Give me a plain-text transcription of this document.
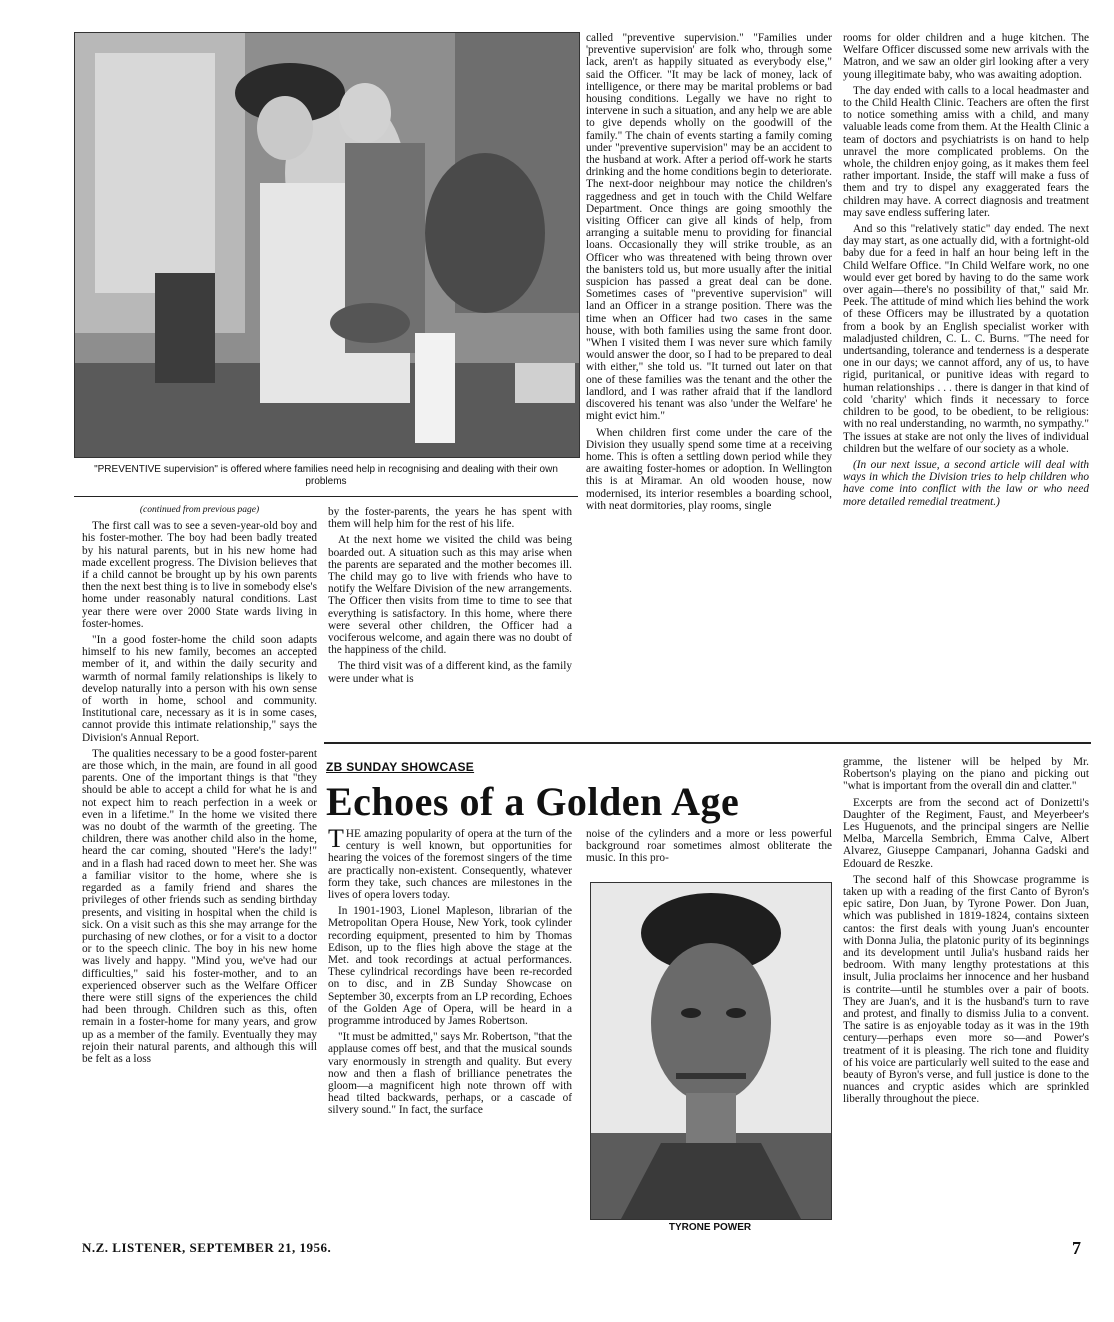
"PREVENTIVE supervision" is offered where families need help in recognising and dealing with their own problems

(continued from previous page)

The first call was to see a seven-year-old boy and his foster-mother. The boy had been badly treated by his natural parents, but in his new home had made excellent progress. The Division believes that if a child cannot be brought up by his own parents then the next best thing is to live in somebody else's home under reasonably natural conditions. Last year there were over 2000 State wards living in foster-homes.

"In a good foster-home the child soon adapts himself to his new family, becomes an accepted member of it, and within the daily security and warmth of normal family relationships is likely to develop naturally into a person with his own sense of worth in home, school and community. Institutional care, necessary as it is in some cases, cannot provide this intimate relationship," says the Division's Annual Report.

The qualities necessary to be a good foster-parent are those which, in the main, are found in all good parents. One of the important things is that "they should be able to accept a child for what he is and not expect him to reach perfection in a week or even in a lifetime." In the home we visited there was no doubt of the warmth of the greeting. The children, there was another child also in the home, heard the car coming, shouted "Here's the lady!" and in a flash had raced down to meet her. She was a familiar visitor to the home, where she is regarded as a family friend and shares the privileges of other friends such as sending birthday presents, and visiting in hospital when the child is sick. On a visit such as this she may arrange for the purchasing of new clothes, or for a visit to a doctor or to the speech clinic. The boy in his new home was lively and happy. "Mind you, we've had our difficulties," said his foster-mother, and to an experienced observer such as the Welfare Officer there were still signs of the experiences the child had been through. Children such as this, often remain in a foster-home for many years, and grow up as a member of the family. Eventually they may rejoin their natural parents, and although this will be felt as a loss

by the foster-parents, the years he has spent with them will help him for the rest of his life.

At the next home we visited the child was being boarded out. A situation such as this may arise when the parents are separated and the mother becomes ill. The child may go to live with friends who have to notify the Welfare Division of the new arrangements. The Officer then visits from time to time to see that everything is satisfactory. In this home, where there were several other children, the Officer had a vociferous welcome, and again there was no doubt of the happiness of the child.

The third visit was of a different kind, as the family were under what is

called "preventive supervision." "Families under 'preventive supervision' are folk who, through some lack, aren't as happily situated as everybody else," said the Officer. "It may be lack of money, lack of intelligence, or there may be marital problems or bad housing conditions. Legally we have no right to intervene in such a situation, and any help we are able to give depends wholly on the goodwill of the family." The chain of events starting a family coming under "preventive supervision" may be an accident to the husband at work. After a period off-work he starts drinking and the home conditions begin to deteriorate. The next-door neighbour may notice the children's raggedness and get in touch with the Child Welfare Department. Once things are going smoothly the visiting Officer can give all kinds of help, from arranging a suitable menu to providing for financial loans. Occasionally they will strike trouble, as an Officer who was threatened with being thrown over the banisters told us, but more usually after the initial suspicion has passed a great deal can be done. Sometimes cases of "preventive supervision" will land an Officer in a strange position. There was the time when an Officer had two cases in the same house, with both families using the same front door. "When I visited them I was never sure which family would answer the door, so I had to be prepared to deal with either," she told us. "It turned out later on that one of these families was the tenant and the other the landlord, and I was rather afraid that if the landlord discovered his tenant was also 'under the Welfare' he might evict him."

When children first come under the care of the Division they usually spend some time at a receiving home. This is often a settling down period while they are awaiting foster-homes or adoption. In Wellington this is at Miramar. An old wooden house, now modernised, its interior resembles a boarding school, with neat dormitories, play rooms, single

rooms for older children and a huge kitchen. The Welfare Officer discussed some new arrivals with the Matron, and we saw an older girl looking after a very young illegitimate baby, who was awaiting adoption.

The day ended with calls to a local headmaster and to the Child Health Clinic. Teachers are often the first to notice something amiss with a child, and many valuable leads come from them. At the Health Clinic a team of doctors and psychiatrists is on hand to help unravel the more complicated problems. On the whole, the children enjoy going, as it makes them feel rather important. Inside, the staff will make a fuss of them and try to dispel any exaggerated fears the children may have. A correct diagnosis and treatment may save endless suffering later.

And so this "relatively static" day ended. The next day may start, as one actually did, with a fortnight-old baby due for a feed in half an hour being left in the Child Welfare Office. "In Child Welfare work, no one would ever get bored by having to do the same work over again—there's no possibility of that," said Mr. Peek. The attitude of mind which lies behind the work of these Officers may be illustrated by a quotation from a book by an English specialist worker with maladjusted children, C. L. C. Burns. "The need for undertsanding, tolerance and tenderness is a desperate one in our days; we cannot afford, any of us, to have rigid, puritanical, or punitive ideas with regard to human relationships . . . there is danger in that kind of cold 'charity' which finds it necessary to force children to be good, to be obedient, to be religious: with no real understanding, no warmth, no sympathy." The issues at stake are not only the lives of individual children but the welfare of our society as a whole.

(In our next issue, a second article will deal with ways in which the Division tries to help children who have come into conflict with the law or who need more detailed remedial treatment.)

ZB SUNDAY SHOWCASE
Echoes of a Golden Age

THE amazing popularity of opera at the turn of the century is well known, but opportunities for hearing the voices of the foremost singers of the time are practically non-existent. Consequently, whatever form they take, such chances are milestones in the lives of opera lovers today.

In 1901-1903, Lionel Mapleson, librarian of the Metropolitan Opera House, New York, took cylinder recording equipment, presented to him by Thomas Edison, up to the flies high above the stage at the Met. and took recordings at actual performances. These cylindrical recordings have been re-recorded on to disc, and in ZB Sunday Showcase on September 30, excerpts from an LP recording, Echoes of the Golden Age of Opera, will be heard in a programme introduced by James Robertson.

"It must be admitted," says Mr. Robertson, "that the applause comes off best, and that the musical sounds vary enormously in strength and quality. But every now and then a flash of brilliance penetrates the gloom—a magnificent high note thrown off with head tilted backwards, perhaps, or a cascade of silvery sound." In fact, the surface

noise of the cylinders and a more or less powerful background roar sometimes almost obliterate the music. In this pro-

TYRONE POWER

gramme, the listener will be helped by Mr. Robertson's playing on the piano and picking out "what is important from the overall din and clatter."

Excerpts are from the second act of Donizetti's Daughter of the Regiment, Faust, and Meyerbeer's Les Huguenots, and the principal singers are Nellie Melba, Marcella Sembrich, Emma Calve, Albert Alvarez, Giuseppe Campanari, Johanna Gadski and Edouard de Reszke.

The second half of this Showcase programme is taken up with a reading of the first Canto of Byron's epic satire, Don Juan, by Tyrone Power. Don Juan, which was published in 1819-1824, contains sixteen cantos: the first deals with young Juan's encounter with Donna Julia, the platonic purity of its beginnings and its development until Julia's husband raids her bedroom. With many lengthy protestations at this insult, Julia proclaims her innocence and her husband is contrite—until he stumbles over a pair of boots. They are Juan's, and it is the husband's turn to rave and protest, and finally to dismiss Julia to a convent. The satire is as enjoyable today as it was in the 19th century—perhaps even more so—and Power's treatment of it is pleasing. The rich tone and fluidity of his voice are particularly well suited to the ease and beauty of Byron's verse, and full justice is done to the nuances and cryptic asides which are sprinkled liberally throughout the piece.

N.Z. LISTENER, SEPTEMBER 21, 1956.	7
